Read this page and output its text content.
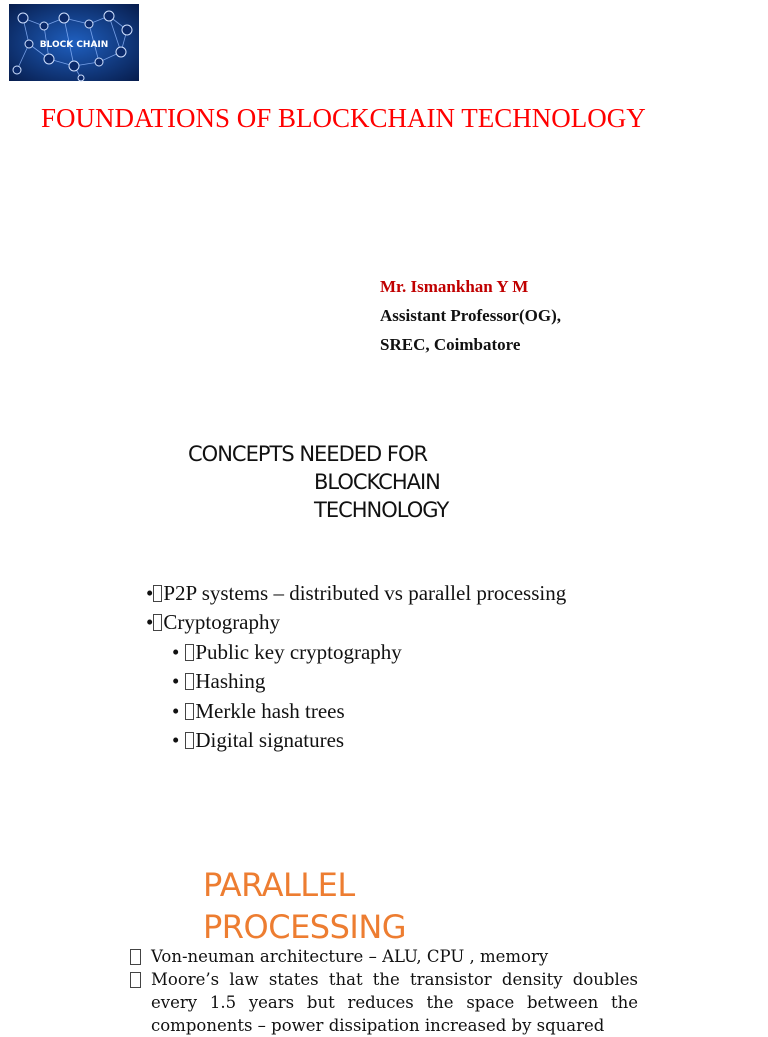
BLOCK CHAIN
FOUNDATIONS OF BLOCKCHAIN TECHNOLOGY
Mr. Ismankhan Y M
Assistant Professor(OG),
SREC, Coimbatore
CONCEPTS NEEDED FOR
BLOCKCHAIN
TECHNOLOGY
• P2P systems – distributed vs parallel processing
• Cryptography
• Public key cryptography
• Hashing
• Merkle hash trees
• Digital signatures
PARALLEL
PROCESSING
Von-neuman architecture – ALU, CPU , memory
Moore’s law states that the transistor density doubles every 1.5 years but reduces the space between the components – power dissipation increased by squared
